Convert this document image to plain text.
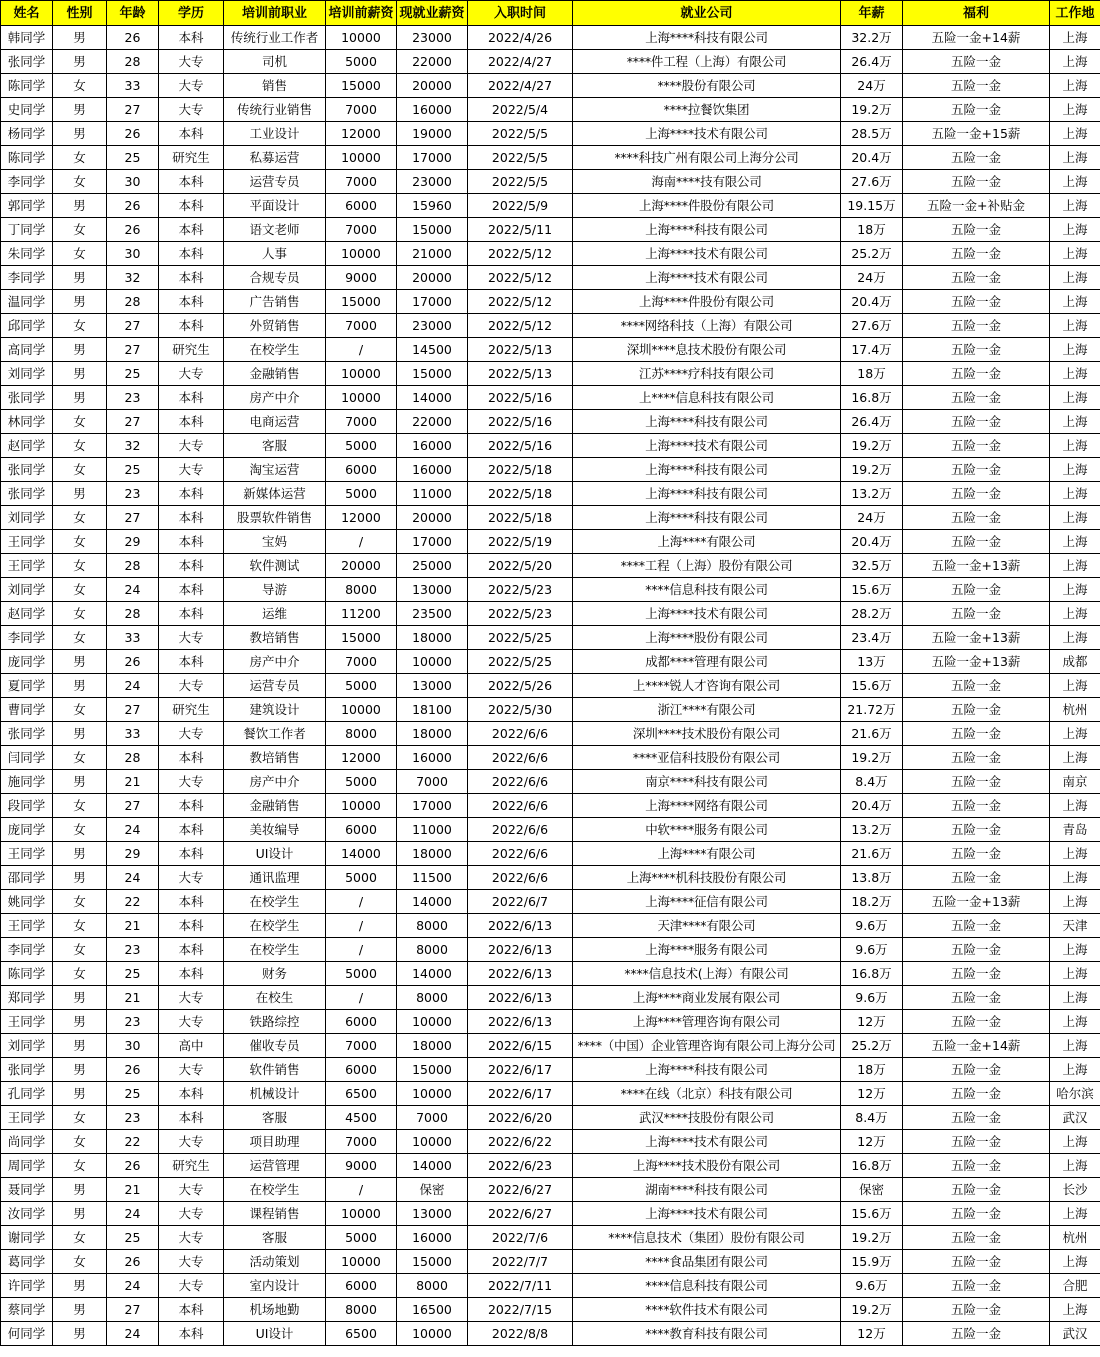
姓名	性别	年龄	学历	培训前职业	培训前薪资	现就业薪资	入职时间	就业公司	年薪	福利	工作地
韩同学	男	26	本科	传统行业工作者	10000	23000	2022/4/26	上海****科技有限公司	32.2万	五险一金+14薪	上海
张同学	男	28	大专	司机	5000	22000	2022/4/27	****件工程（上海）有限公司	26.4万	五险一金	上海
陈同学	女	33	大专	销售	15000	20000	2022/4/27	****股份有限公司	24万	五险一金	上海
史同学	男	27	大专	传统行业销售	7000	16000	2022/5/4	****拉餐饮集团	19.2万	五险一金	上海
杨同学	男	26	本科	工业设计	12000	19000	2022/5/5	上海****技术有限公司	28.5万	五险一金+15薪	上海
陈同学	女	25	研究生	私募运营	10000	17000	2022/5/5	****科技广州有限公司上海分公司	20.4万	五险一金	上海
李同学	女	30	本科	运营专员	7000	23000	2022/5/5	海南****技有限公司	27.6万	五险一金	上海
郭同学	男	26	本科	平面设计	6000	15960	2022/5/9	上海****件股份有限公司	19.15万	五险一金+补贴金	上海
丁同学	女	26	本科	语文老师	7000	15000	2022/5/11	上海****科技有限公司	18万	五险一金	上海
朱同学	女	30	本科	人事	10000	21000	2022/5/12	上海****技术有限公司	25.2万	五险一金	上海
李同学	男	32	本科	合规专员	9000	20000	2022/5/12	上海****技术有限公司	24万	五险一金	上海
温同学	男	28	本科	广告销售	15000	17000	2022/5/12	上海****件股份有限公司	20.4万	五险一金	上海
邱同学	女	27	本科	外贸销售	7000	23000	2022/5/12	****网络科技（上海）有限公司	27.6万	五险一金	上海
高同学	男	27	研究生	在校学生	/	14500	2022/5/13	深圳****息技术股份有限公司	17.4万	五险一金	上海
刘同学	男	25	大专	金融销售	10000	15000	2022/5/13	江苏****疗科技有限公司	18万	五险一金	上海
张同学	男	23	本科	房产中介	10000	14000	2022/5/16	上****信息科技有限公司	16.8万	五险一金	上海
林同学	女	27	本科	电商运营	7000	22000	2022/5/16	上海****科技有限公司	26.4万	五险一金	上海
赵同学	女	32	大专	客服	5000	16000	2022/5/16	上海****技术有限公司	19.2万	五险一金	上海
张同学	女	25	大专	淘宝运营	6000	16000	2022/5/18	上海****科技有限公司	19.2万	五险一金	上海
张同学	男	23	本科	新媒体运营	5000	11000	2022/5/18	上海****科技有限公司	13.2万	五险一金	上海
刘同学	女	27	本科	股票软件销售	12000	20000	2022/5/18	上海****科技有限公司	24万	五险一金	上海
王同学	女	29	本科	宝妈	/	17000	2022/5/19	上海****有限公司	20.4万	五险一金	上海
王同学	女	28	本科	软件测试	20000	25000	2022/5/20	****工程（上海）股份有限公司	32.5万	五险一金+13薪	上海
刘同学	女	24	本科	导游	8000	13000	2022/5/23	****信息科技有限公司	15.6万	五险一金	上海
赵同学	女	28	本科	运维	11200	23500	2022/5/23	上海****技术有限公司	28.2万	五险一金	上海
李同学	女	33	大专	教培销售	15000	18000	2022/5/25	上海****股份有限公司	23.4万	五险一金+13薪	上海
庞同学	男	26	本科	房产中介	7000	10000	2022/5/25	成都****管理有限公司	13万	五险一金+13薪	成都
夏同学	男	24	大专	运营专员	5000	13000	2022/5/26	上****锐人才咨询有限公司	15.6万	五险一金	上海
曹同学	女	27	研究生	建筑设计	10000	18100	2022/5/30	浙江****有限公司	21.72万	五险一金	杭州
张同学	男	33	大专	餐饮工作者	8000	18000	2022/6/6	深圳****技术股份有限公司	21.6万	五险一金	上海
闫同学	女	28	本科	教培销售	12000	16000	2022/6/6	****亚信科技股份有限公司	19.2万	五险一金	上海
施同学	男	21	大专	房产中介	5000	7000	2022/6/6	南京****科技有限公司	8.4万	五险一金	南京
段同学	女	27	本科	金融销售	10000	17000	2022/6/6	上海****网络有限公司	20.4万	五险一金	上海
庞同学	女	24	本科	美妆编导	6000	11000	2022/6/6	中软****服务有限公司	13.2万	五险一金	青岛
王同学	男	29	本科	UI设计	14000	18000	2022/6/6	上海****有限公司	21.6万	五险一金	上海
邵同学	男	24	大专	通讯监理	5000	11500	2022/6/6	上海****机科技股份有限公司	13.8万	五险一金	上海
姚同学	女	22	本科	在校学生	/	14000	2022/6/7	上海****征信有限公司	18.2万	五险一金+13薪	上海
王同学	女	21	本科	在校学生	/	8000	2022/6/13	天津****有限公司	9.6万	五险一金	天津
李同学	女	23	本科	在校学生	/	8000	2022/6/13	上海****服务有限公司	9.6万	五险一金	上海
陈同学	女	25	本科	财务	5000	14000	2022/6/13	****信息技术(上海）有限公司	16.8万	五险一金	上海
郑同学	男	21	大专	在校生	/	8000	2022/6/13	上海****商业发展有限公司	9.6万	五险一金	上海
王同学	男	23	大专	铁路综控	6000	10000	2022/6/13	上海****管理咨询有限公司	12万	五险一金	上海
刘同学	男	30	高中	催收专员	7000	18000	2022/6/15	****（中国）企业管理咨询有限公司上海分公司	25.2万	五险一金+14薪	上海
张同学	男	26	大专	软件销售	6000	15000	2022/6/17	上海****科技有限公司	18万	五险一金	上海
孔同学	男	25	本科	机械设计	6500	10000	2022/6/17	****在线（北京）科技有限公司	12万	五险一金	哈尔滨
王同学	女	23	本科	客服	4500	7000	2022/6/20	武汉****技股份有限公司	8.4万	五险一金	武汉
尚同学	女	22	大专	项目助理	7000	10000	2022/6/22	上海****技术有限公司	12万	五险一金	上海
周同学	女	26	研究生	运营管理	9000	14000	2022/6/23	上海****技术股份有限公司	16.8万	五险一金	上海
聂同学	男	21	大专	在校学生	/	保密	2022/6/27	湖南****科技有限公司	保密	五险一金	长沙
汝同学	男	24	大专	课程销售	10000	13000	2022/6/27	上海****技术有限公司	15.6万	五险一金	上海
谢同学	女	25	大专	客服	5000	16000	2022/7/6	****信息技术（集团）股份有限公司	19.2万	五险一金	杭州
葛同学	女	26	大专	活动策划	10000	15000	2022/7/7	****食品集团有限公司	15.9万	五险一金	上海
许同学	男	24	大专	室内设计	6000	8000	2022/7/11	****信息科技有限公司	9.6万	五险一金	合肥
蔡同学	男	27	本科	机场地勤	8000	16500	2022/7/15	****软件技术有限公司	19.2万	五险一金	上海
何同学	男	24	本科	UI设计	6500	10000	2022/8/8	****教育科技有限公司	12万	五险一金	武汉
